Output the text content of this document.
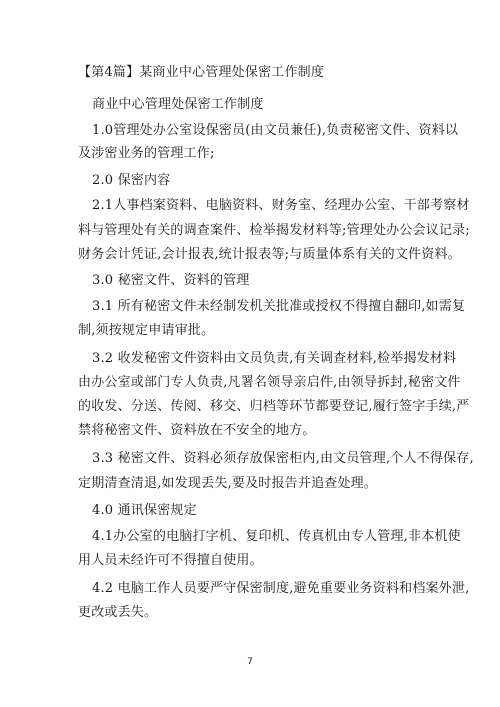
【第4篇】某商业中心管理处保密工作制度
商业中心管理处保密工作制度
1.0管理处办公室设保密员(由文员兼任),负责秘密文件、资料以
及涉密业务的管理工作;
2.0 保密内容
2.1人事档案资料、电脑资料、财务室、经理办公室、干部考察材
料与管理处有关的调查案件、检举揭发材料等;管理处办公会议记录;
财务会计凭证,会计报表,统计报表等;与质量体系有关的文件资料。
3.0 秘密文件、资料的管理
3.1 所有秘密文件未经制发机关批准或授权不得擅自翻印,如需复
制,须按规定申请审批。
3.2 收发秘密文件资料由文员负责,有关调查材料,检举揭发材料
由办公室或部门专人负责,凡署名领导亲启件,由领导拆封,秘密文件
的收发、分送、传阅、移交、归档等环节都要登记,履行签字手续,严
禁将秘密文件、资料放在不安全的地方。
3.3 秘密文件、资料必须存放保密柜内,由文员管理,个人不得保存,
定期清查清退,如发现丢失,要及时报告并追查处理。
4.0 通讯保密规定
4.1办公室的电脑打字机、复印机、传真机由专人管理,非本机使
用人员未经许可不得擅自使用。
4.2 电脑工作人员要严守保密制度,避免重要业务资料和档案外泄,
更改或丢失。
7
